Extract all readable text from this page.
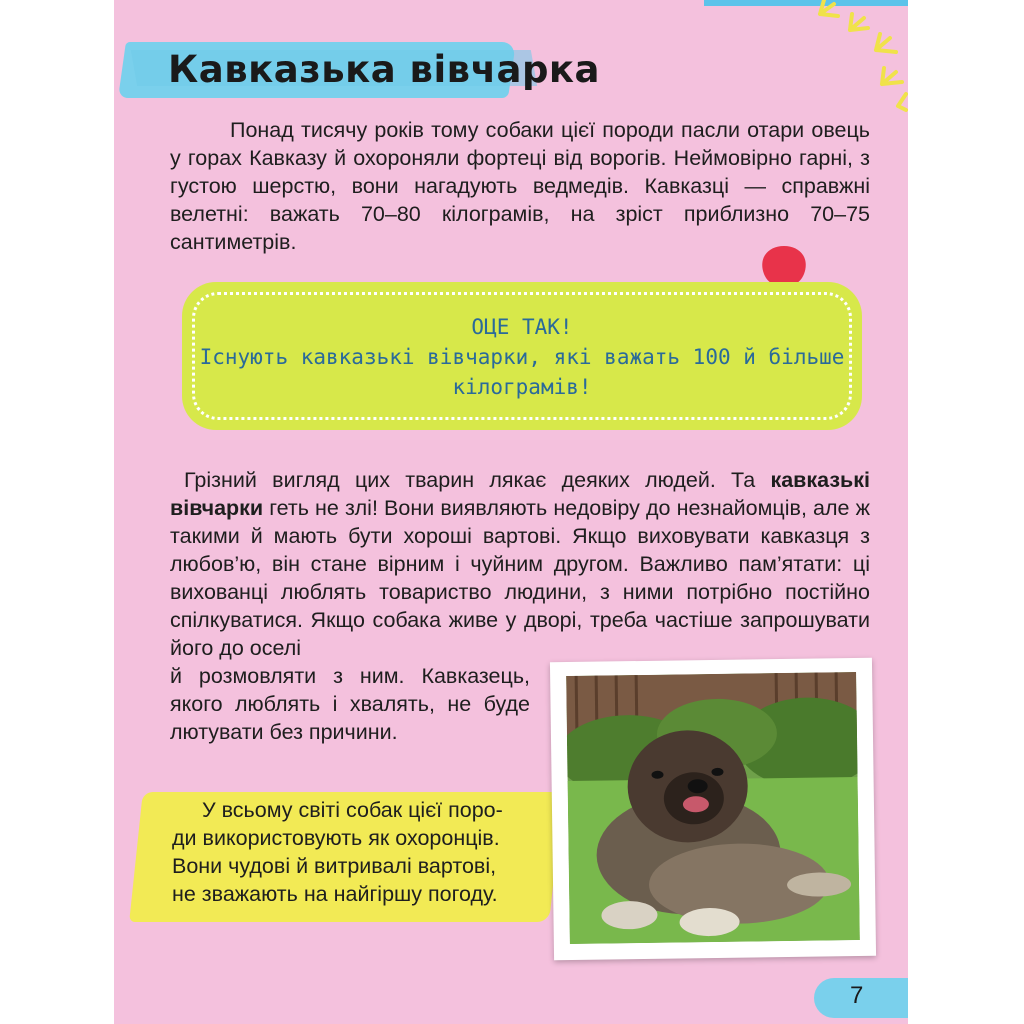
Кавказька вівчарка

Понад тисячу років тому собаки цієї породи пасли отари овець у горах Кавказу й охороняли фортеці від ворогів. Неймовірно гарні, з густою шерстю, вони нагадують ведмедів. Кавказці — справжні велетні: важать 70–80 кілограмів, на зріст приблизно 70–75 сантиметрів.

ОЦЕ ТАК!
Існують кавказькі вівчарки, які важать 100 й більше
кілограмів!

Грізний вигляд цих тварин лякає деяких людей. Та кавказькі вівчарки геть не злі! Вони виявляють недовіру до незнайомців, але ж такими й мають бути хороші вартові. Якщо виховувати кавказця з любов’ю, він стане вірним і чуйним другом. Важливо пам’ятати: ці вихованці люблять товариство людини, з ними потрібно постійно спілкуватися. Якщо собака живе у дворі, треба частіше запрошувати його до оселі

й розмовляти з ним. Кавказець, якого люблять і хвалять, не буде лютувати без причини.

У всьому світі собак цієї поро-
ди використовують як охоронців.
Вони чудові й витривалі вартові,
не зважають на найгіршу погоду.

7
